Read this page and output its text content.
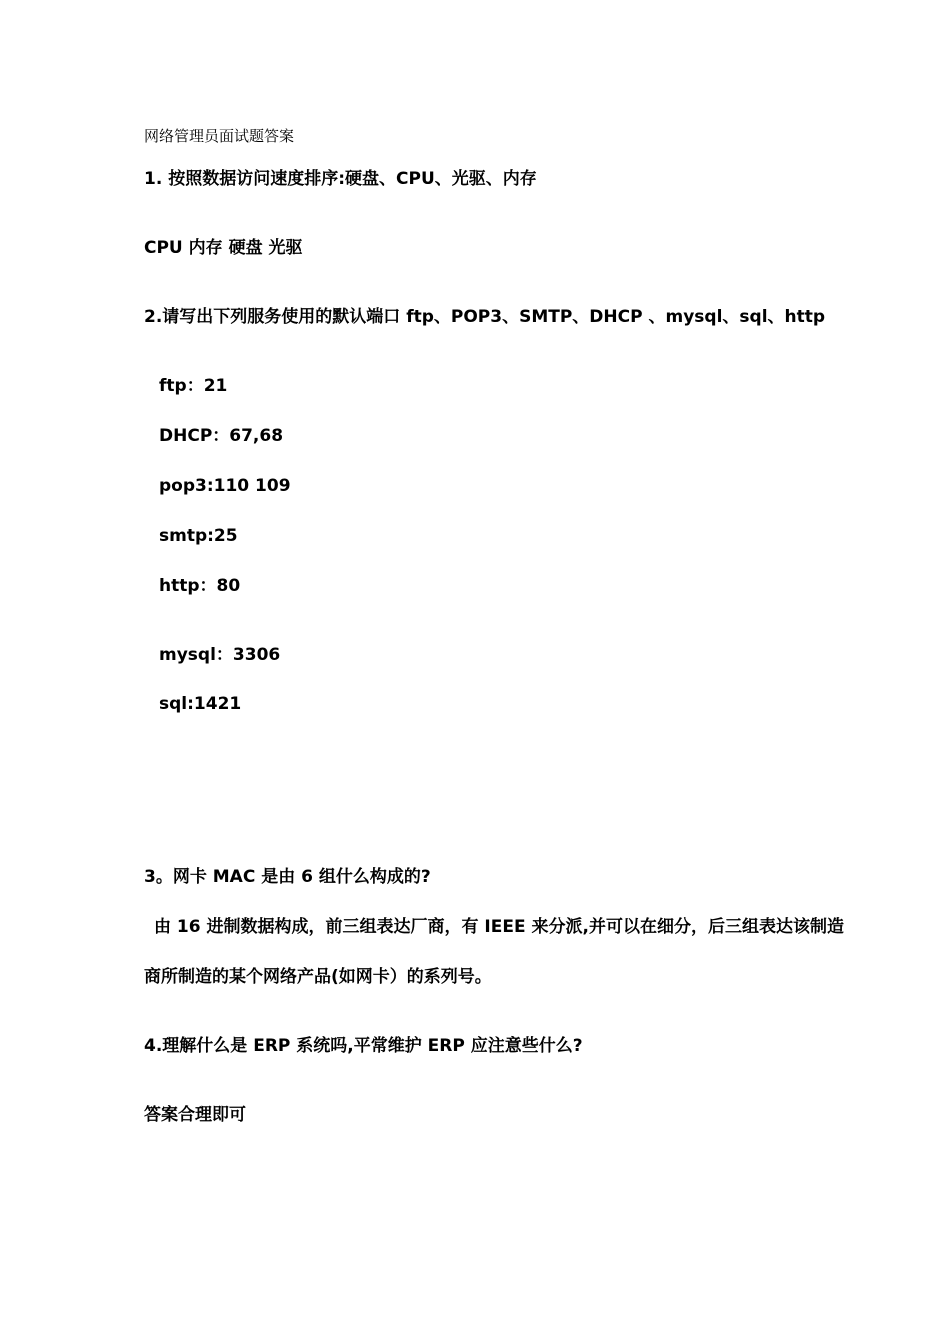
网络管理员面试题答案
1. 按照数据访问速度排序:硬盘、CPU、光驱、内存
CPU 内存 硬盘 光驱
2.请写出下列服务使用的默认端口 ftp、POP3、SMTP、DHCP 、mysql、sql、http
ftp：21
DHCP：67,68
pop3:110 109
smtp:25
http：80
mysql：3306
sql:1421
3。网卡 MAC 是由 6 组什么构成的?
由 16 进制数据构成，前三组表达厂商，有 IEEE 来分派,并可以在细分，后三组表达该制造
商所制造的某个网络产品(如网卡）的系列号。
4.理解什么是 ERP 系统吗,平常维护 ERP 应注意些什么?
答案合理即可
